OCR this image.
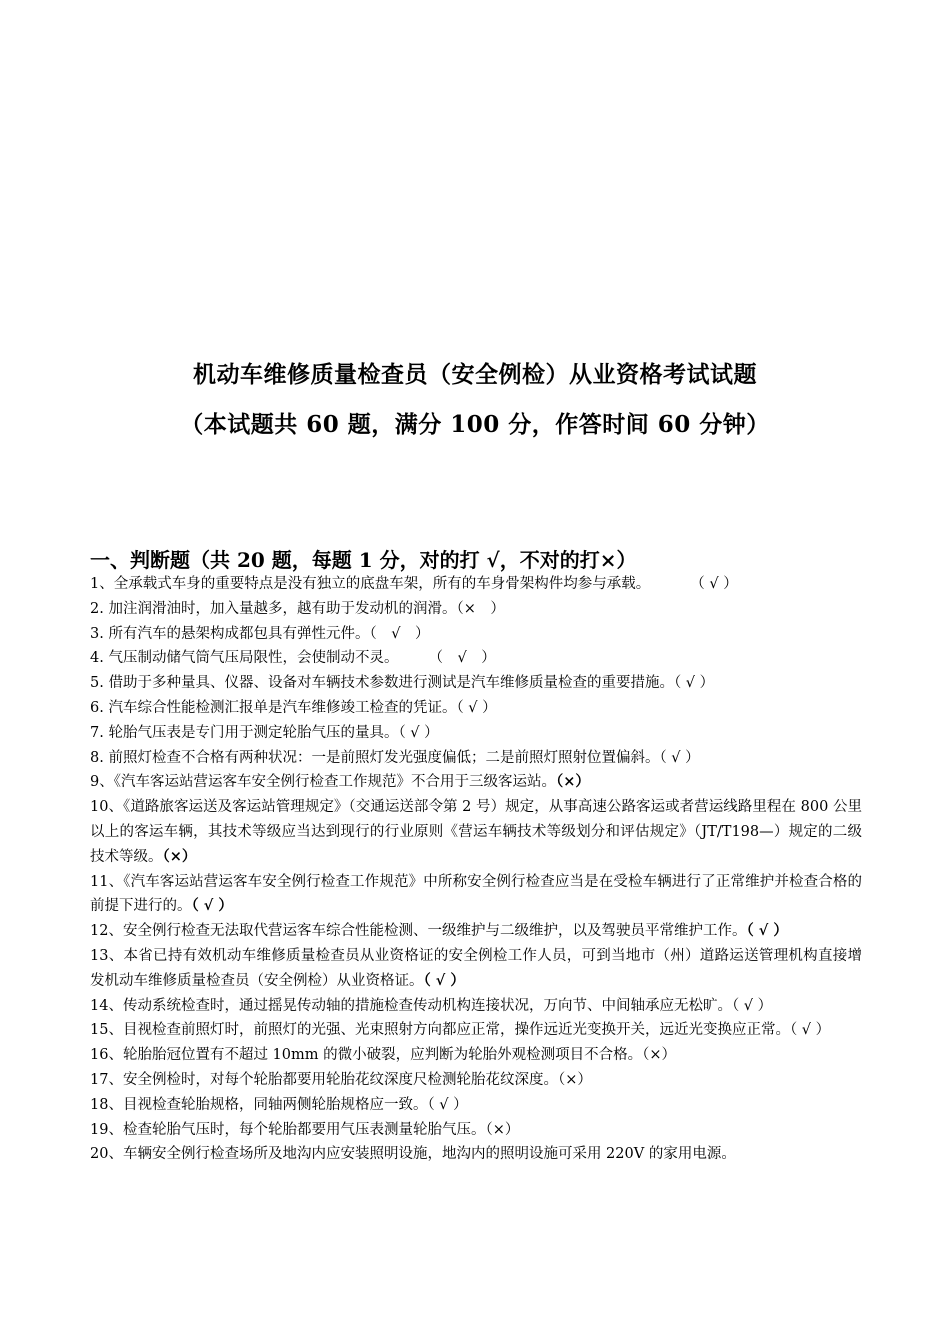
机动车维修质量检查员（安全例检）从业资格考试试题
（本试题共 60 题，满分 100 分，作答时间 60 分钟）
一、判断题（共 20 题，每题 1 分，对的打 √，不对的打×）

1、全承载式车身的重要特点是没有独立的底盘车架，所有的车身骨架构件均参与承载。	（ √ ）

2. 加注润滑油时，加入量越多，越有助于发动机的润滑。（×　）

3. 所有汽车的悬架构成都包具有弹性元件。（　√　）

4. 气压制动储气筒气压局限性，会使制动不灵。 （　√　）

5. 借助于多种量具、仪器、设备对车辆技术参数进行测试是汽车维修质量检查的重要措施。（ √ ）

6. 汽车综合性能检测汇报单是汽车维修竣工检查的凭证。（ √ ）

7. 轮胎气压表是专门用于测定轮胎气压的量具。（ √ ）

8. 前照灯检查不合格有两种状况：一是前照灯发光强度偏低；二是前照灯照射位置偏斜。（ √ ）

9、《汽车客运站营运客车安全例行检查工作规范》不合用于三级客运站。（×）

10、《道路旅客运送及客运站管理规定》（交通运送部令第 2 号）规定，从事高速公路客运或者营运线路里程在 800 公里以上的客运车辆，其技术等级应当达到现行的行业原则《营运车辆技术等级划分和评估规定》（JT/T198—）规定的二级技术等级。（×）

11、《汽车客运站营运客车安全例行检查工作规范》中所称安全例行检查应当是在受检车辆进行了正常维护并检查合格的前提下进行的。（ √ ）

12、安全例行检查无法取代营运客车综合性能检测、一级维护与二级维护，以及驾驶员平常维护工作。（ √ ）

13、本省已持有效机动车维修质量检查员从业资格证的安全例检工作人员，可到当地市（州）道路运送管理机构直接增发机动车维修质量检查员（安全例检）从业资格证。（ √ ）

14、传动系统检查时，通过摇晃传动轴的措施检查传动机构连接状况，万向节、中间轴承应无松旷。（ √ ）

15、目视检查前照灯时，前照灯的光强、光束照射方向都应正常，操作远近光变换开关，远近光变换应正常。（ √ ）

16、轮胎胎冠位置有不超过 10mm 的微小破裂，应判断为轮胎外观检测项目不合格。（×）

17、安全例检时，对每个轮胎都要用轮胎花纹深度尺检测轮胎花纹深度。（×）

18、目视检查轮胎规格，同轴两侧轮胎规格应一致。（ √ ）

19、检查轮胎气压时，每个轮胎都要用气压表测量轮胎气压。（×）

20、车辆安全例行检查场所及地沟内应安装照明设施，地沟内的照明设施可采用 220V 的家用电源。
